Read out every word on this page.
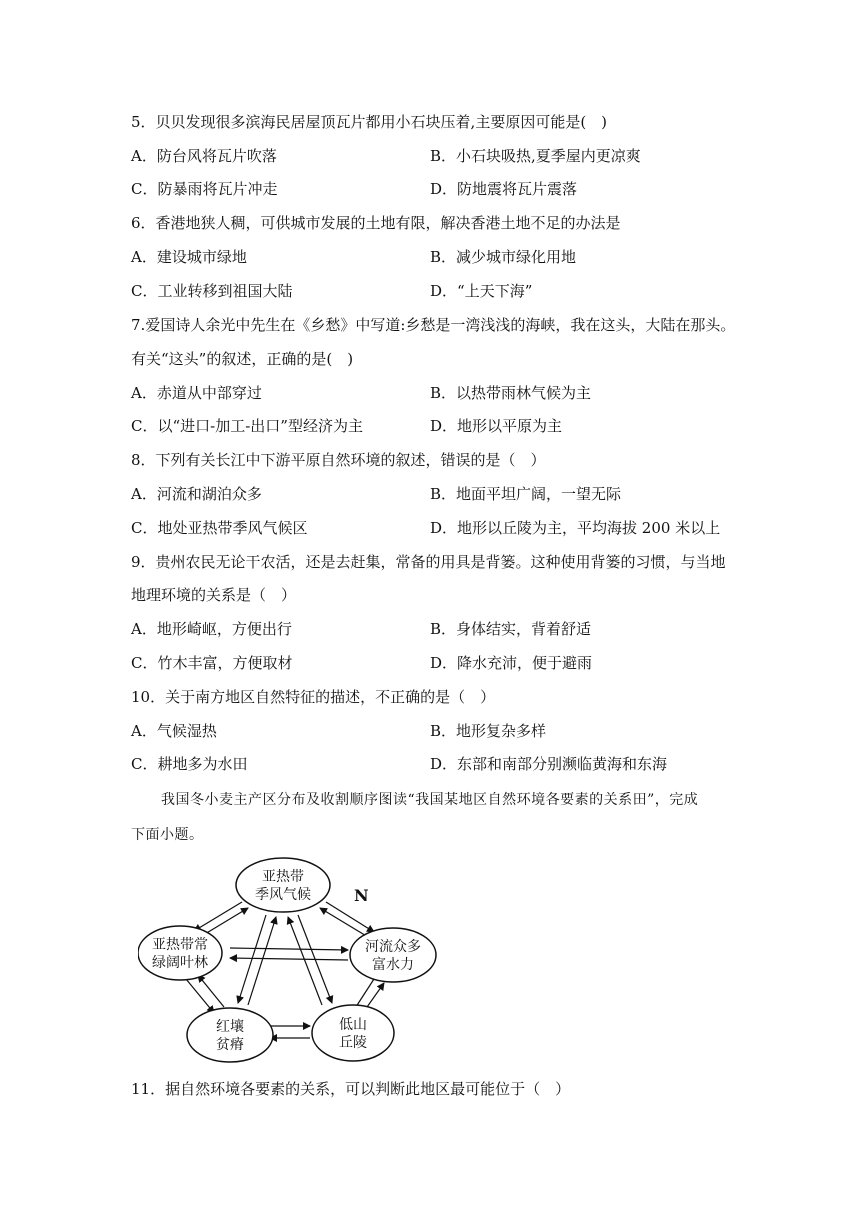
5．贝贝发现很多滨海民居屋顶瓦片都用小石块压着,主要原因可能是(　)
A．防台风将瓦片吹落	B．小石块吸热,夏季屋内更凉爽
C．防暴雨将瓦片冲走	D．防地震将瓦片震落
6．香港地狭人稠，可供城市发展的土地有限，解决香港土地不足的办法是
A．建设城市绿地	B．减少城市绿化用地
C．工业转移到祖国大陆	D．“上天下海”
7.爱国诗人余光中先生在《乡愁》中写道:乡愁是一湾浅浅的海峡，我在这头，大陆在那头。
有关“这头”的叙述，正确的是(　)
A．赤道从中部穿过	B．以热带雨林气候为主
C．以“进口-加工-出口”型经济为主	D．地形以平原为主
8．下列有关长江中下游平原自然环境的叙述，错误的是（　）
A．河流和湖泊众多	B．地面平坦广阔，一望无际
C．地处亚热带季风气候区	D．地形以丘陵为主，平均海拔 200 米以上
9．贵州农民无论干农活，还是去赶集，常备的用具是背篓。这种使用背篓的习惯，与当地
地理环境的关系是（　）
A．地形崎岖，方便出行	B．身体结实，背着舒适
C．竹木丰富，方便取材	D．降水充沛，便于避雨
10．关于南方地区自然特征的描述，不正确的是（　）
A．气候湿热	B．地形复杂多样
C．耕地多为水田	D．东部和南部分别濒临黄海和东海
我国冬小麦主产区分布及收割顺序图读“我国某地区自然环境各要素的关系田”，完成
下面小题。
亚热带
季风气候
亚热带常
绿阔叶林
河流众多
富水力
红壤
贫瘠
低山
丘陵
N
11．据自然环境各要素的关系，可以判断此地区最可能位于（　）
